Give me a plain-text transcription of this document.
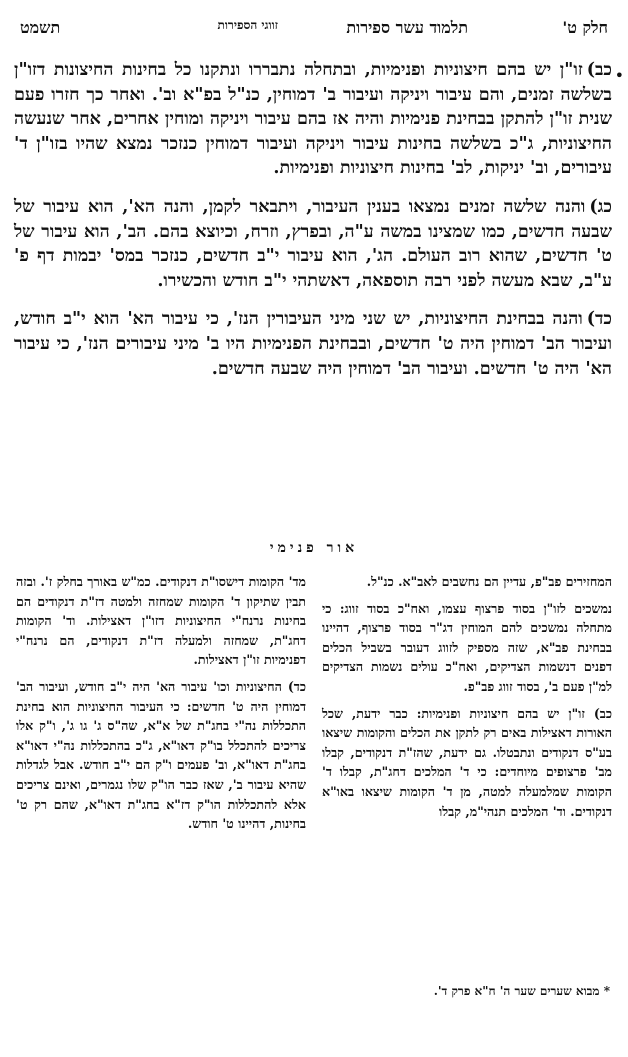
חלק ט'
תלמוד עשר ספירות
זווגי הספירות
תשמט
•

כב)זו"ן יש בהם חיצוניות ופנימיות, ובתחלה נתבררו ונתקנו כל בחינות החיצונות דזו"ן בשלשה זמנים, והם עיבור ויניקה ועיבור ב' דמוחין, כנ"ל בפ"א וב'. ואחר כך חזרו פעם שנית זו"ן להתקן בבחינת פנימיות והיה אז בהם עיבור ויניקה ומוחין אחרים, אחר שנעשה החיצוניות, ג"כ בשלשה בחינות עיבור ויניקה ועיבור דמוחין כנזכר נמצא שהיו בזו"ן ד' עיבורים, וב' יניקות, לב' בחינות חיצוניות ופנימיות.

כג)והנה שלשה זמנים נמצאו בענין העיבור, ויתבאר לקמן, והנה הא', הוא עיבור של שבעה חדשים, כמו שמצינו במשה ע"ה, ובפרץ, וזרח, וכיוצא בהם. הב', הוא עיבור של ט' חדשים, שהוא רוב העולם. הג', הוא עיבור י"ב חדשים, כנזכר במס' יבמות דף פ' ע"ב, שבא מעשה לפני רבה תוספאה, דאשתהי י"ב חודש והכשירו.

כד)והנה בבחינת החיצוניות, יש שני מיני העיבורין הנז', כי עיבור הא' הוא י"ב חודש, ועיבור הב' דמוחין היה ט' חדשים, ובבחינת הפנימיות היו ב' מיני עיבורים הנז', כי עיבור הא' היה ט' חדשים. ועיבור הב' דמוחין היה שבעה חדשים.

אור פנימי

המחזירים פב"פ, עדיין הם נחשבים לאב"א. כנ"ל.

נמשכים לזו"ן בסוד פרצוף עצמו, ואח"כ בסוד זווג: כי מתחלה נמשכים להם המוחין דג"ר בסוד פרצוף, דהיינו בבחינת פב"א, שזה מספיק לזווג דעובר בשביל הכלים דפנים דנשמות הצדיקים, ואח"כ עולים נשמות הצדיקים למ"ן פעם ב', בסוד זווג פב"פ.

כב) זו"ן יש בהם חיצוניות ופנימיות: כבר ידעת, שכל האורות דאצילות באים רק לתקן את הכלים והקומות שיצאו בע"ס דנקודים ונתבטלו. גם ידעת, שהז"ת דנקודים, קבלו מב' פרצופים מיוחדים: כי ד' המלכים דחג"ת, קבלו ד' הקומות שמלמעלה למטה, מן ד' הקומות שיצאו באו"א דנקודים. וד' המלכים תנהי"מ, קבלו

מד' הקומות דישסו"ת דנקודים. כמ"ש באורך בחלק ז'. ובזה תבין שתיקון ד' הקומות שמחזה ולמטה דז"ת דנקודים הם בחינות נרנח"י החיצוניות דזו"ן דאצילות. וד' הקומות דחג"ת, שמחזה ולמעלה דז"ת דנקודים, הם נרנח"י דפנימיות זו"ן דאצילות.

כד) החיצוניות וכו' עיבור הא' היה י"ב חודש, ועיבור הב' דמוחין היה ט' חדשים: כי העיבור החיצוניות הוא בחינת התכללות נה"י בחג"ת של א"א, שה"ס ג' גו ג', ו"ק אלו צריכים להתכלל בו"ק דאו"א, ג"כ בהתכללות נה"י דאו"א בחג"ת דאו"א, וב' פעמים ו"ק הם י"ב חודש. אבל לגדלות שהיא עיבור ב', שאז כבר הו"ק שלו נגמרים, ואינם צריכים אלא להתכללות הו"ק דז"א בחג"ת דאו"א, שהם רק ט' בחינות, דהיינו ט' חודש.

* מבוא שערים שער ה' ח"א פרק ד'.
